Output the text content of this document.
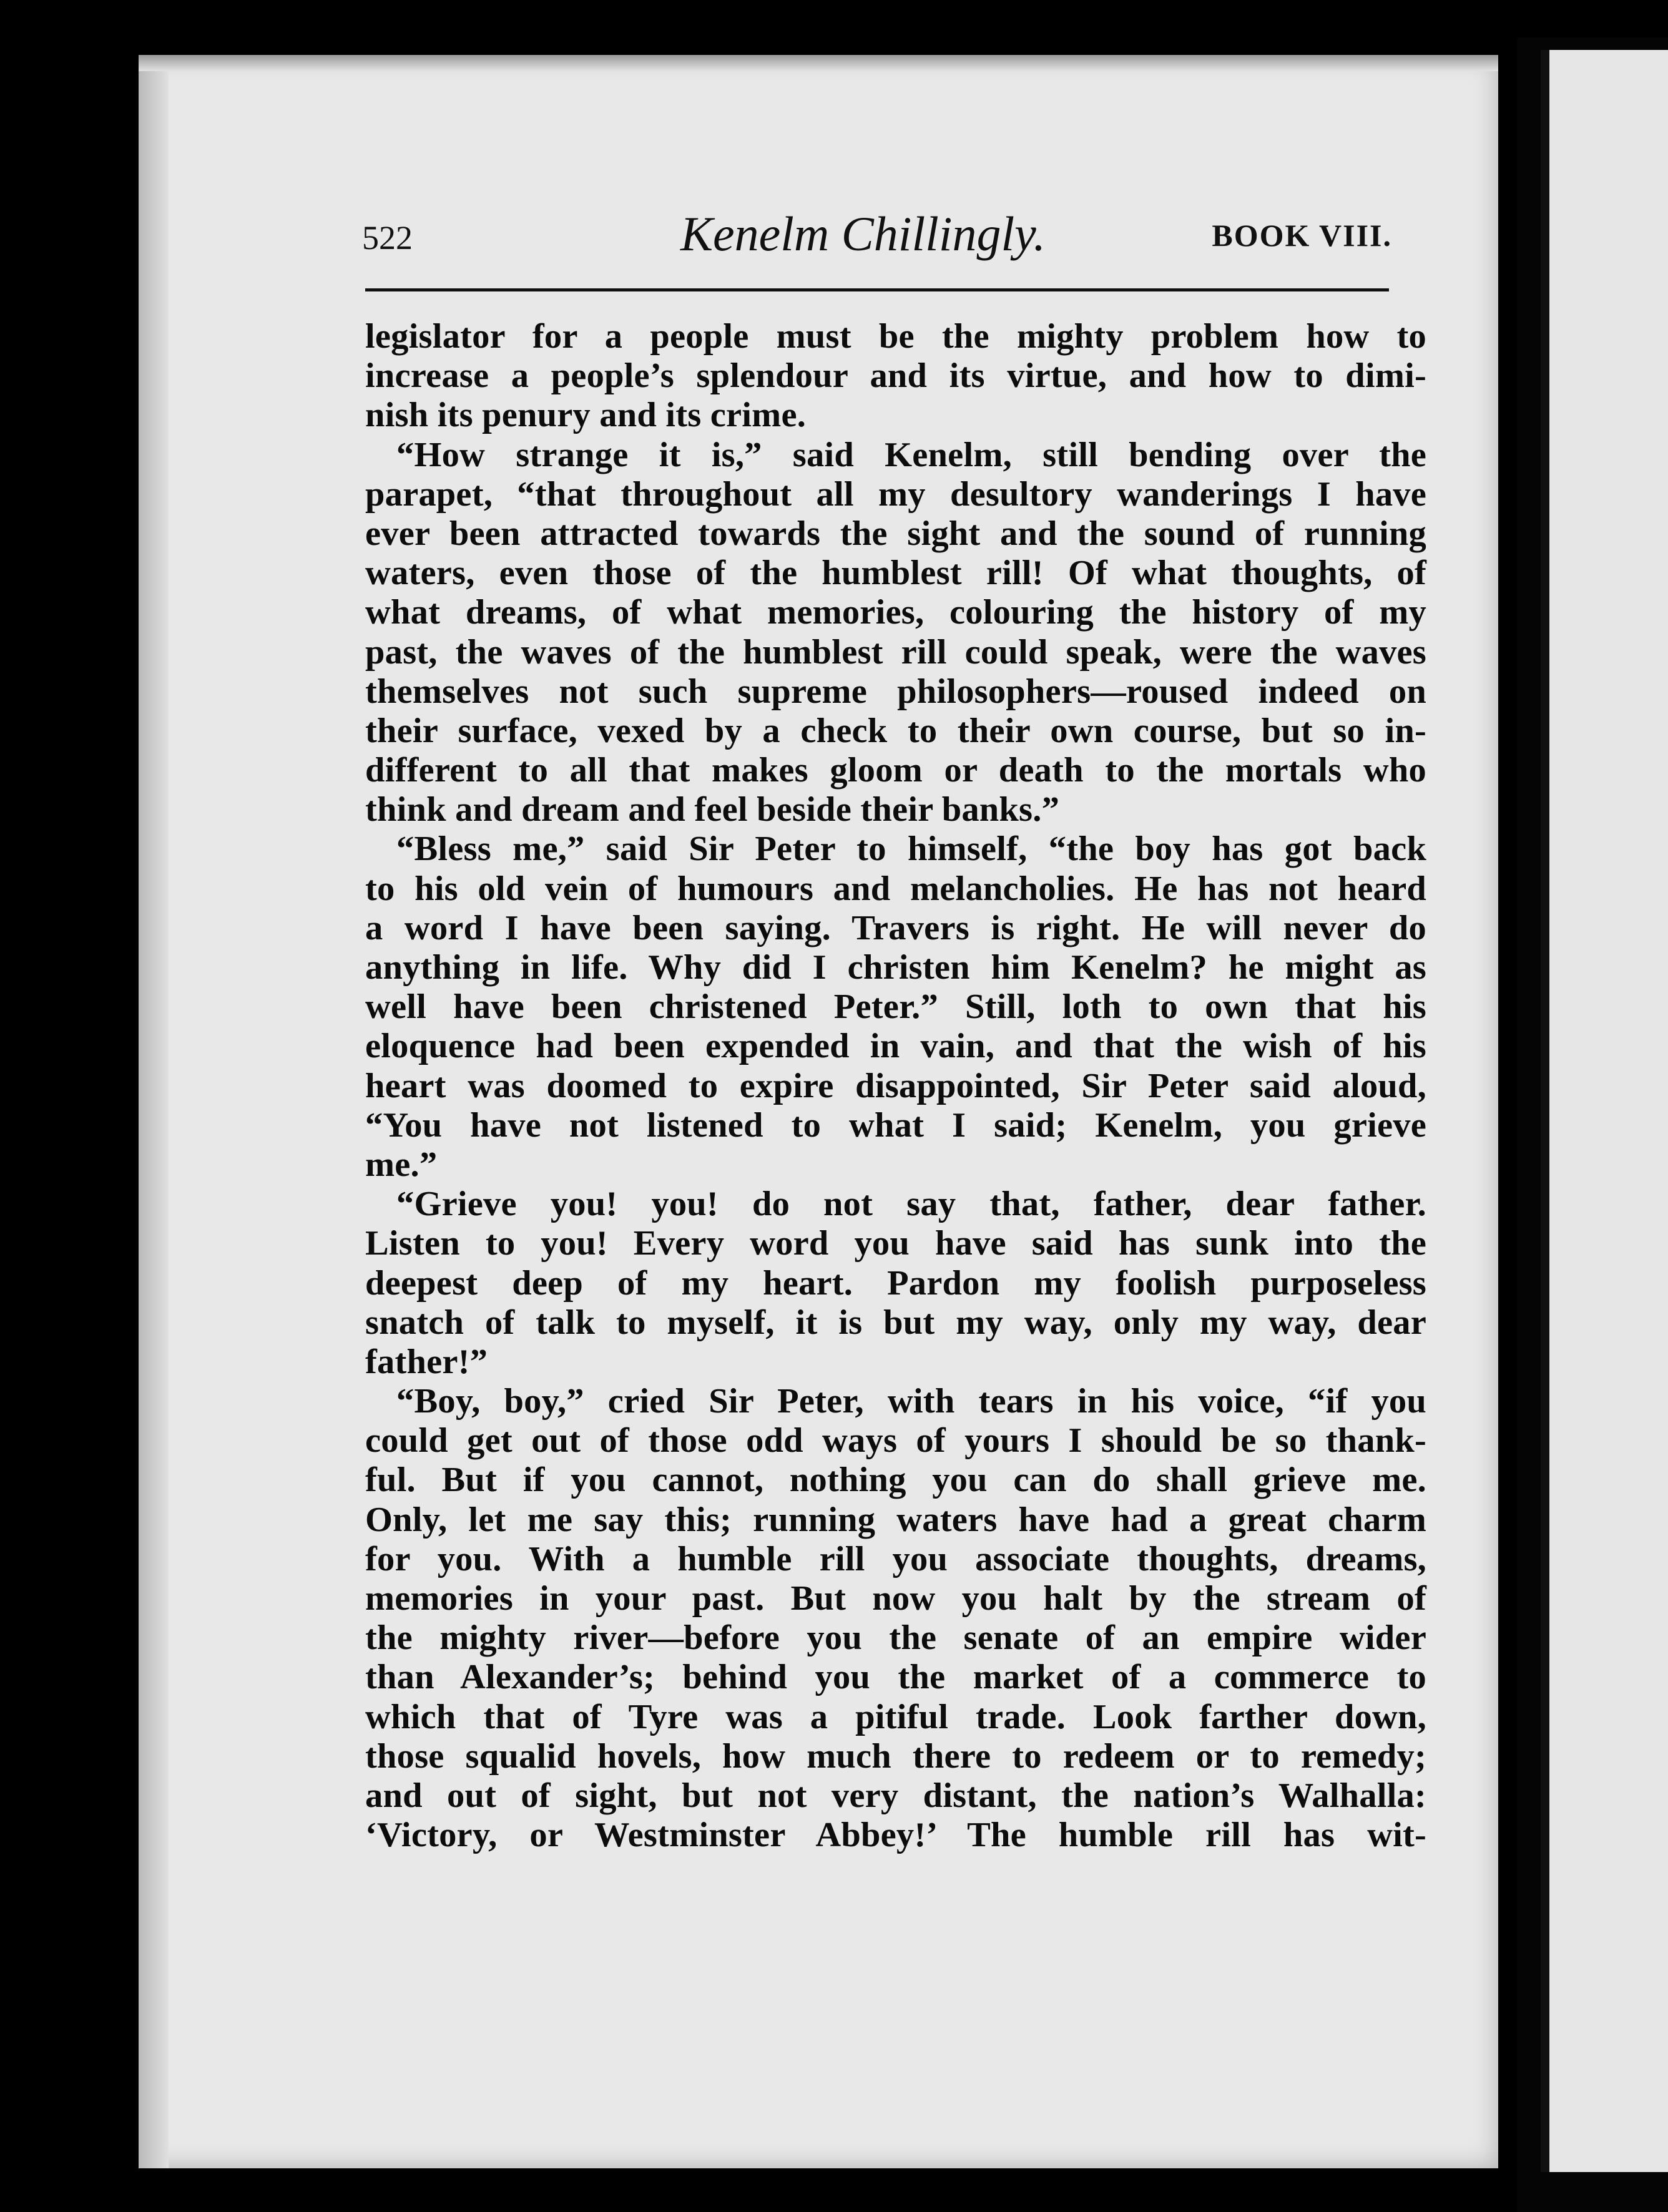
522	Kenelm Chillingly.	BOOK VIII.
legislator for a people must be the mighty problem how to
increase a people’s splendour and its virtue, and how to dimi-
nish its penury and its crime.
“How strange it is,” said Kenelm, still bending over the
parapet, “that throughout all my desultory wanderings I have
ever been attracted towards the sight and the sound of running
waters, even those of the humblest rill! Of what thoughts, of
what dreams, of what memories, colouring the history of my
past, the waves of the humblest rill could speak, were the waves
themselves not such supreme philosophers—roused indeed on
their surface, vexed by a check to their own course, but so in-
different to all that makes gloom or death to the mortals who
think and dream and feel beside their banks.”
“Bless me,” said Sir Peter to himself, “the boy has got back
to his old vein of humours and melancholies. He has not heard
a word I have been saying. Travers is right. He will never do
anything in life. Why did I christen him Kenelm? he might as
well have been christened Peter.” Still, loth to own that his
eloquence had been expended in vain, and that the wish of his
heart was doomed to expire disappointed, Sir Peter said aloud,
“You have not listened to what I said; Kenelm, you grieve
me.”
“Grieve you! you! do not say that, father, dear father.
Listen to you! Every word you have said has sunk into the
deepest deep of my heart. Pardon my foolish purposeless
snatch of talk to myself, it is but my way, only my way, dear
father!”
“Boy, boy,” cried Sir Peter, with tears in his voice, “if you
could get out of those odd ways of yours I should be so thank-
ful. But if you cannot, nothing you can do shall grieve me.
Only, let me say this; running waters have had a great charm
for you. With a humble rill you associate thoughts, dreams,
memories in your past. But now you halt by the stream of
the mighty river—before you the senate of an empire wider
than Alexander’s; behind you the market of a commerce to
which that of Tyre was a pitiful trade. Look farther down,
those squalid hovels, how much there to redeem or to remedy;
and out of sight, but not very distant, the nation’s Walhalla:
‘Victory, or Westminster Abbey!’ The humble rill has wit-
